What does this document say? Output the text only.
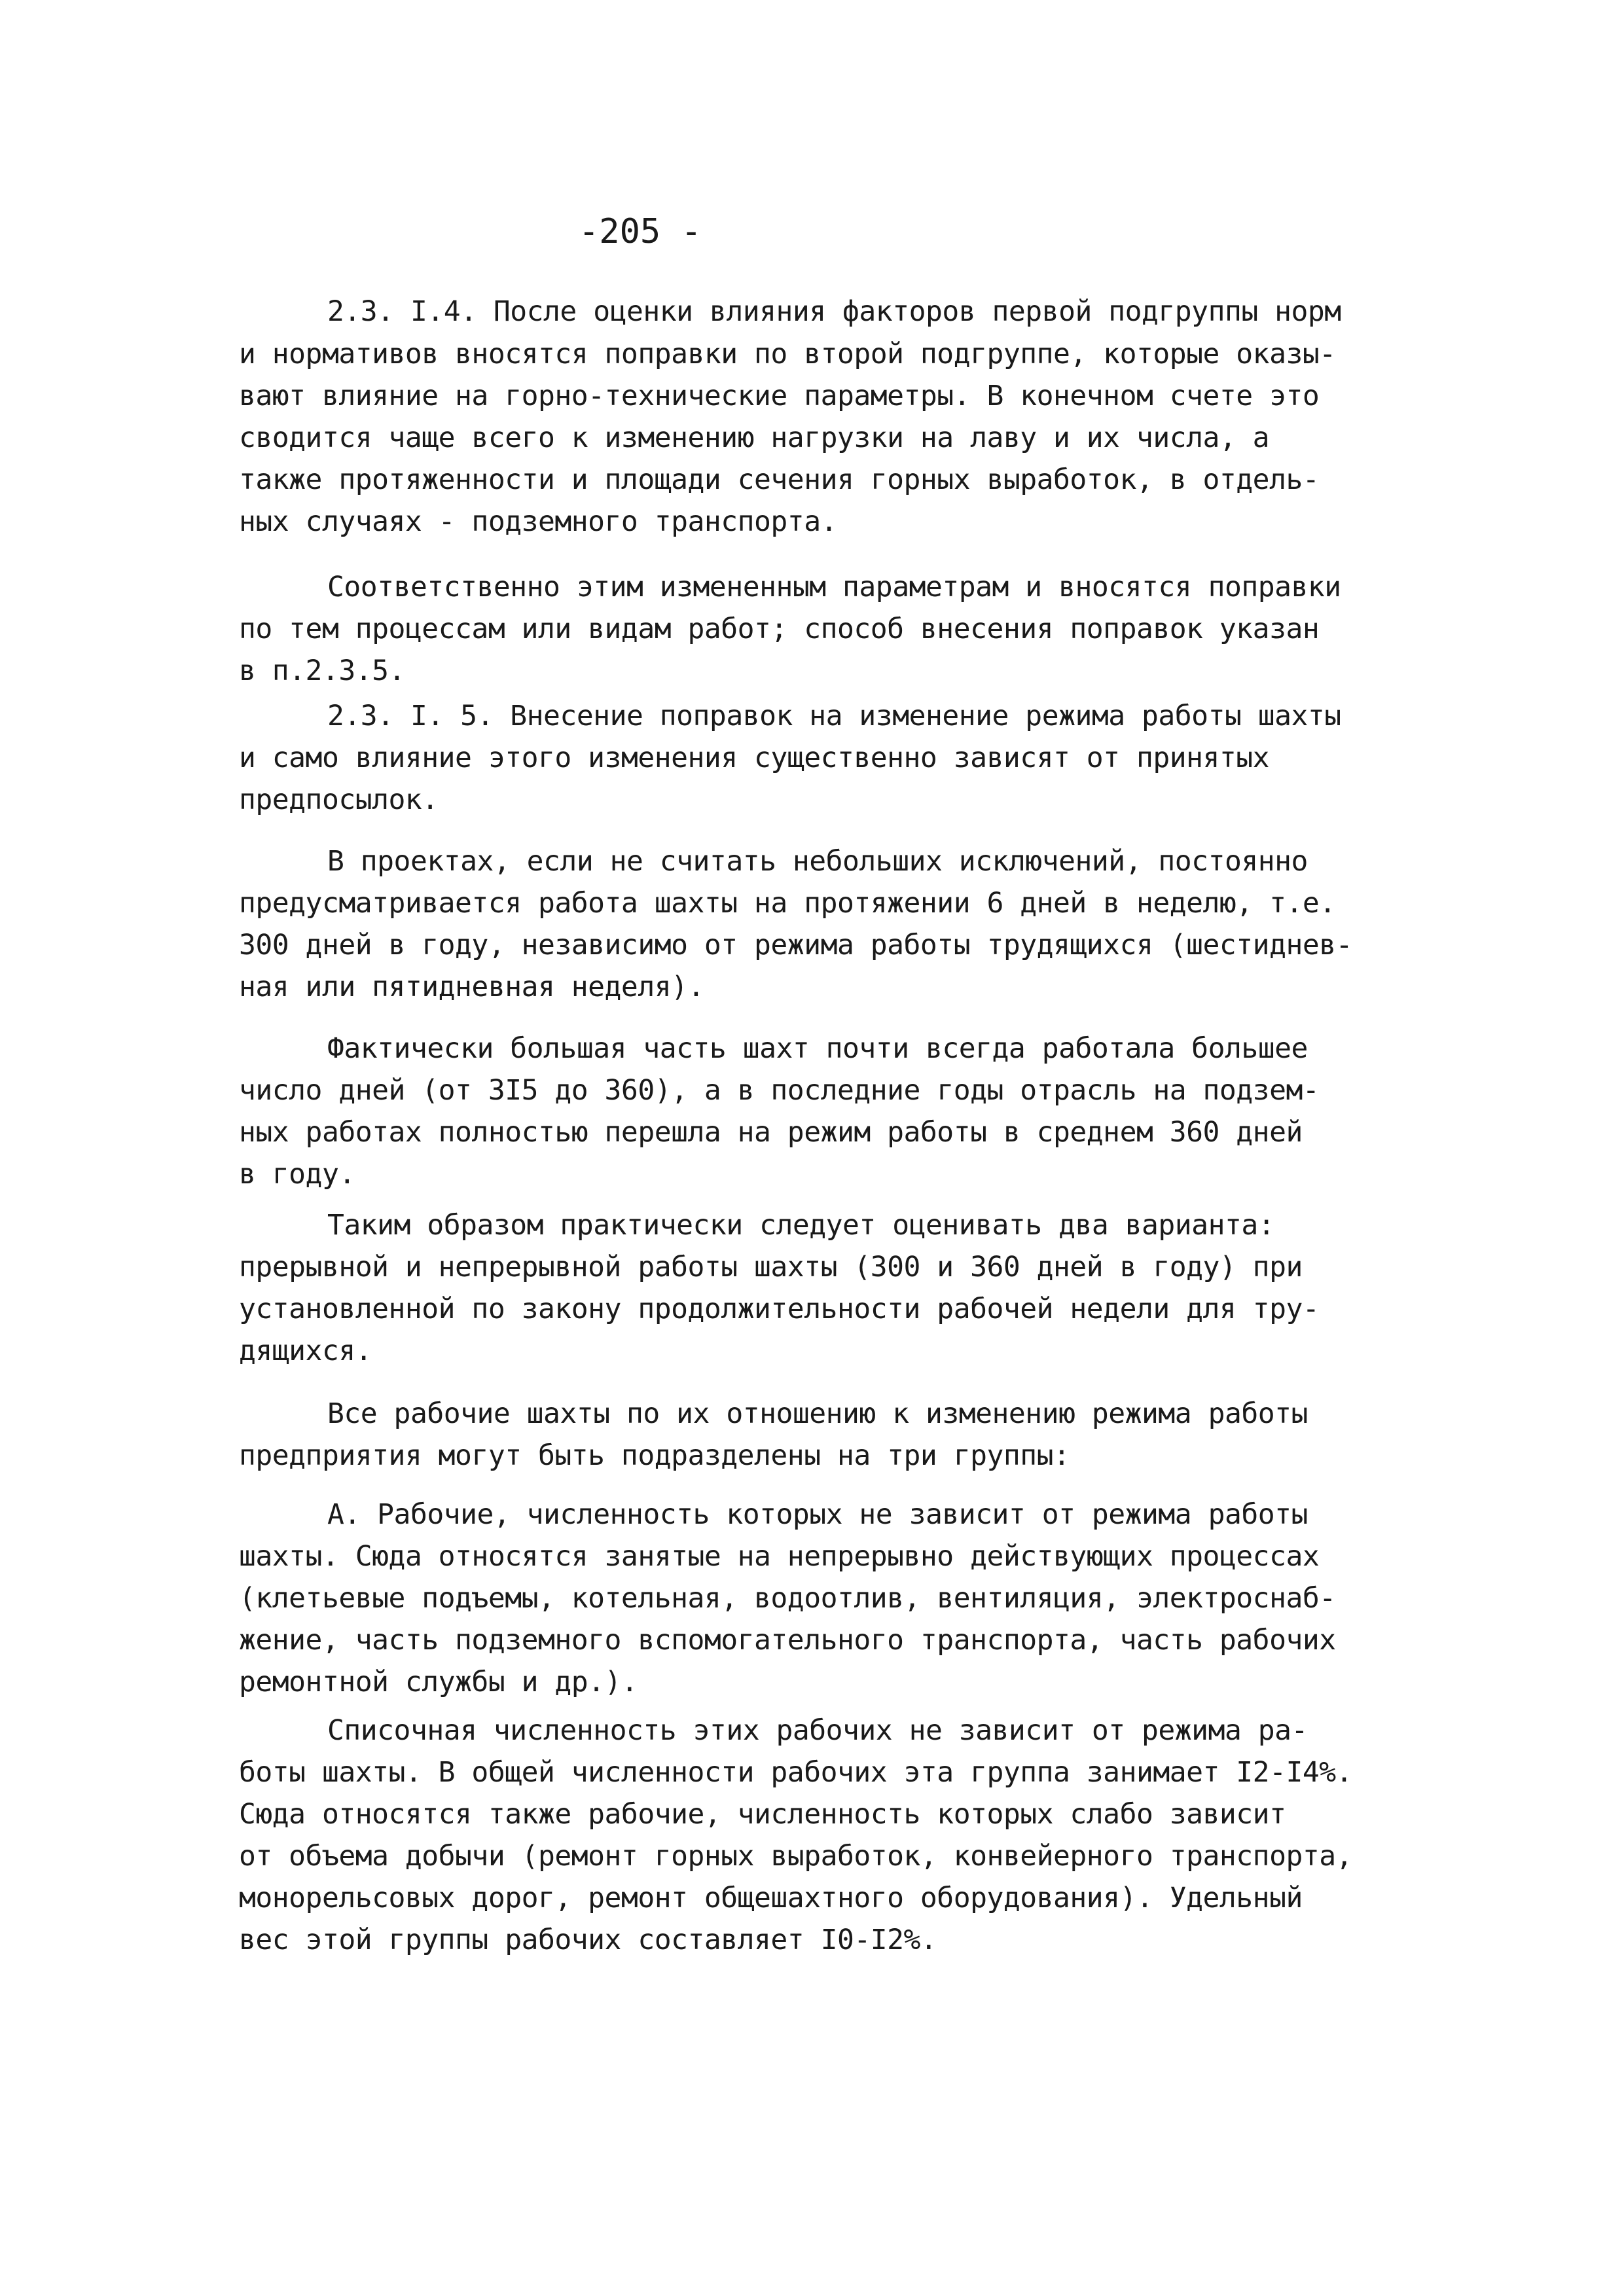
-205 -
2.3. I.4. После оценки влияния факторов первой подгруппы норм
и нормативов вносятся поправки по второй подгруппе, которые оказы-
вают влияние на горно-технические параметры. В конечном счете это
сводится чаще всего к изменению нагрузки на лаву и их числа, а
также протяженности и площади сечения горных выработок, в отдель-
ных случаях - подземного транспорта.
Соответственно этим измененным параметрам и вносятся поправки
по тем процессам или видам работ; способ внесения поправок указан
в п.2.3.5.
2.3. I. 5. Внесение поправок на изменение режима работы шахты
и само влияние этого изменения существенно зависят от принятых
предпосылок.
В проектах, если не считать небольших исключений, постоянно
предусматривается работа шахты на протяжении 6 дней в неделю, т.е.
300 дней в году, независимо от режима работы трудящихся (шестиднев-
ная или пятидневная неделя).
Фактически большая часть шахт почти всегда работала большее
число дней (от 3I5 до 360), а в последние годы отрасль на подзем-
ных работах полностью перешла на режим работы в среднем 360 дней
в году.
Таким образом практически следует оценивать два варианта:
прерывной и непрерывной работы шахты (300 и 360 дней в году) при
установленной по закону продолжительности рабочей недели для тру-
дящихся.
Все рабочие шахты по их отношению к изменению режима работы
предприятия могут быть подразделены на три группы:
А. Рабочие, численность которых не зависит от режима работы
шахты. Сюда относятся занятые на непрерывно действующих процессах
(клетьевые подъемы, котельная, водоотлив, вентиляция, электроснаб-
жение, часть подземного вспомогательного транспорта, часть рабочих
ремонтной службы и др.).
Списочная численность этих рабочих не зависит от режима ра-
боты шахты. В общей численности рабочих эта группа занимает I2-I4%.
Сюда относятся также рабочие, численность которых слабо зависит
от объема добычи (ремонт горных выработок, конвейерного транспорта,
монорельсовых дорог, ремонт общешахтного оборудования). Удельный
вес этой группы рабочих составляет I0-I2%.
